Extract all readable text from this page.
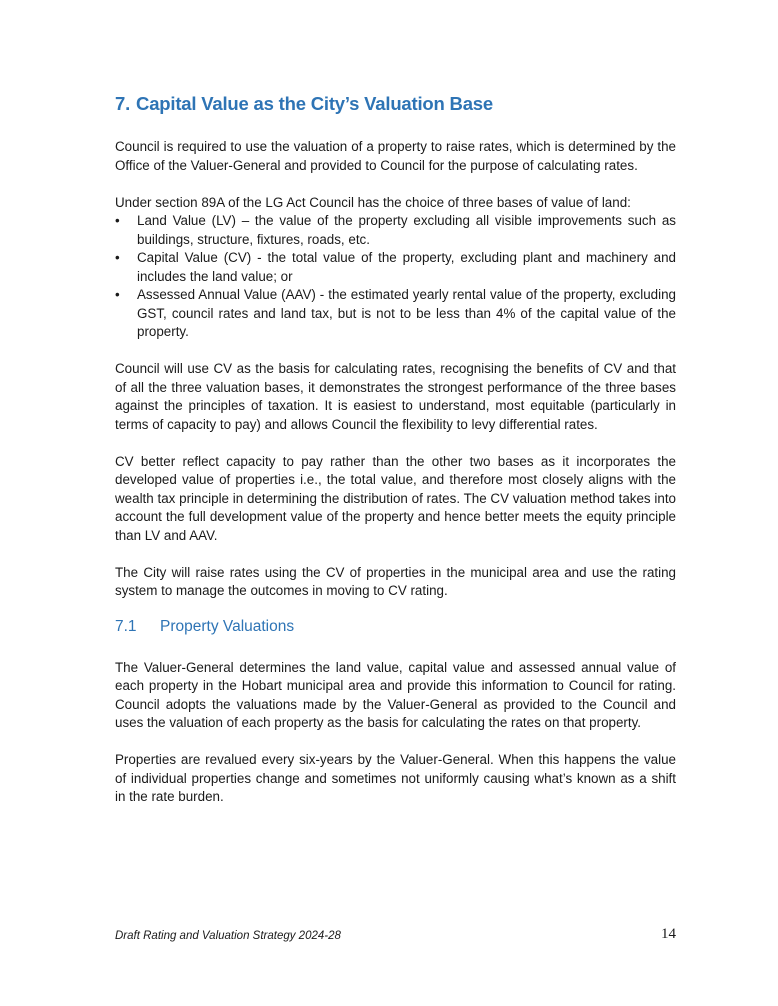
7. Capital Value as the City’s Valuation Base

Council is required to use the valuation of a property to raise rates, which is determined by the Office of the Valuer-General and provided to Council for the purpose of calculating rates.

Under section 89A of the LG Act Council has the choice of three bases of value of land:

•	Land Value (LV) – the value of the property excluding all visible improvements such as buildings, structure, fixtures, roads, etc.
•	Capital Value (CV) - the total value of the property, excluding plant and machinery and includes the land value; or
•	Assessed Annual Value (AAV) - the estimated yearly rental value of the property, excluding GST, council rates and land tax, but is not to be less than 4% of the capital value of the property.

Council will use CV as the basis for calculating rates, recognising the benefits of CV and that of all the three valuation bases, it demonstrates the strongest performance of the three bases against the principles of taxation. It is easiest to understand, most equitable (particularly in terms of capacity to pay) and allows Council the flexibility to levy differential rates.

CV better reflect capacity to pay rather than the other two bases as it incorporates the developed value of properties i.e., the total value, and therefore most closely aligns with the wealth tax principle in determining the distribution of rates. The CV valuation method takes into account the full development value of the property and hence better meets the equity principle than LV and AAV.

The City will raise rates using the CV of properties in the municipal area and use the rating system to manage the outcomes in moving to CV rating.

7.1 Property Valuations

The Valuer-General determines the land value, capital value and assessed annual value of each property in the Hobart municipal area and provide this information to Council for rating. Council adopts the valuations made by the Valuer-General as provided to the Council and uses the valuation of each property as the basis for calculating the rates on that property.

Properties are revalued every six-years by the Valuer-General. When this happens the value of individual properties change and sometimes not uniformly causing what’s known as a shift in the rate burden.

Draft Rating and Valuation Strategy 2024-28	14
